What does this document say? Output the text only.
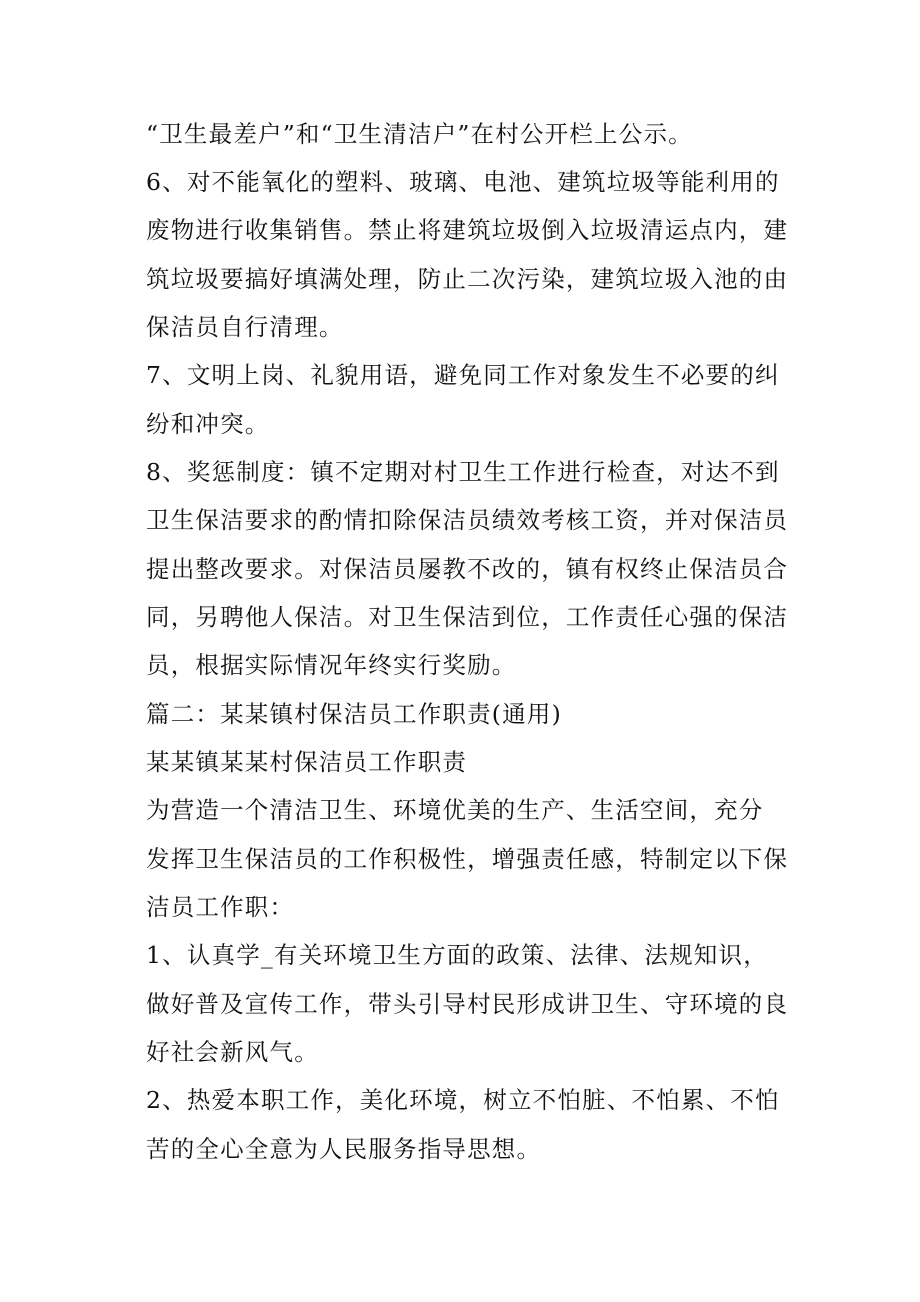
“卫生最差户”和“卫生清洁户”在村公开栏上公示。
6、对不能氧化的塑料、玻璃、电池、建筑垃圾等能利用的
废物进行收集销售。禁止将建筑垃圾倒入垃圾清运点内，建
筑垃圾要搞好填满处理，防止二次污染，建筑垃圾入池的由
保洁员自行清理。
7、文明上岗、礼貌用语，避免同工作对象发生不必要的纠
纷和冲突。
8、奖惩制度：镇不定期对村卫生工作进行检查，对达不到
卫生保洁要求的酌情扣除保洁员绩效考核工资，并对保洁员
提出整改要求。对保洁员屡教不改的，镇有权终止保洁员合
同，另聘他人保洁。对卫生保洁到位，工作责任心强的保洁
员，根据实际情况年终实行奖励。
篇二：某某镇村保洁员工作职责(通用)
某某镇某某村保洁员工作职责
为营造一个清洁卫生、环境优美的生产、生活空间，充分
发挥卫生保洁员的工作积极性，增强责任感，特制定以下保
洁员工作职：
1、认真学_有关环境卫生方面的政策、法律、法规知识，
做好普及宣传工作，带头引导村民形成讲卫生、守环境的良
好社会新风气。
2、热爱本职工作，美化环境，树立不怕脏、不怕累、不怕
苦的全心全意为人民服务指导思想。
